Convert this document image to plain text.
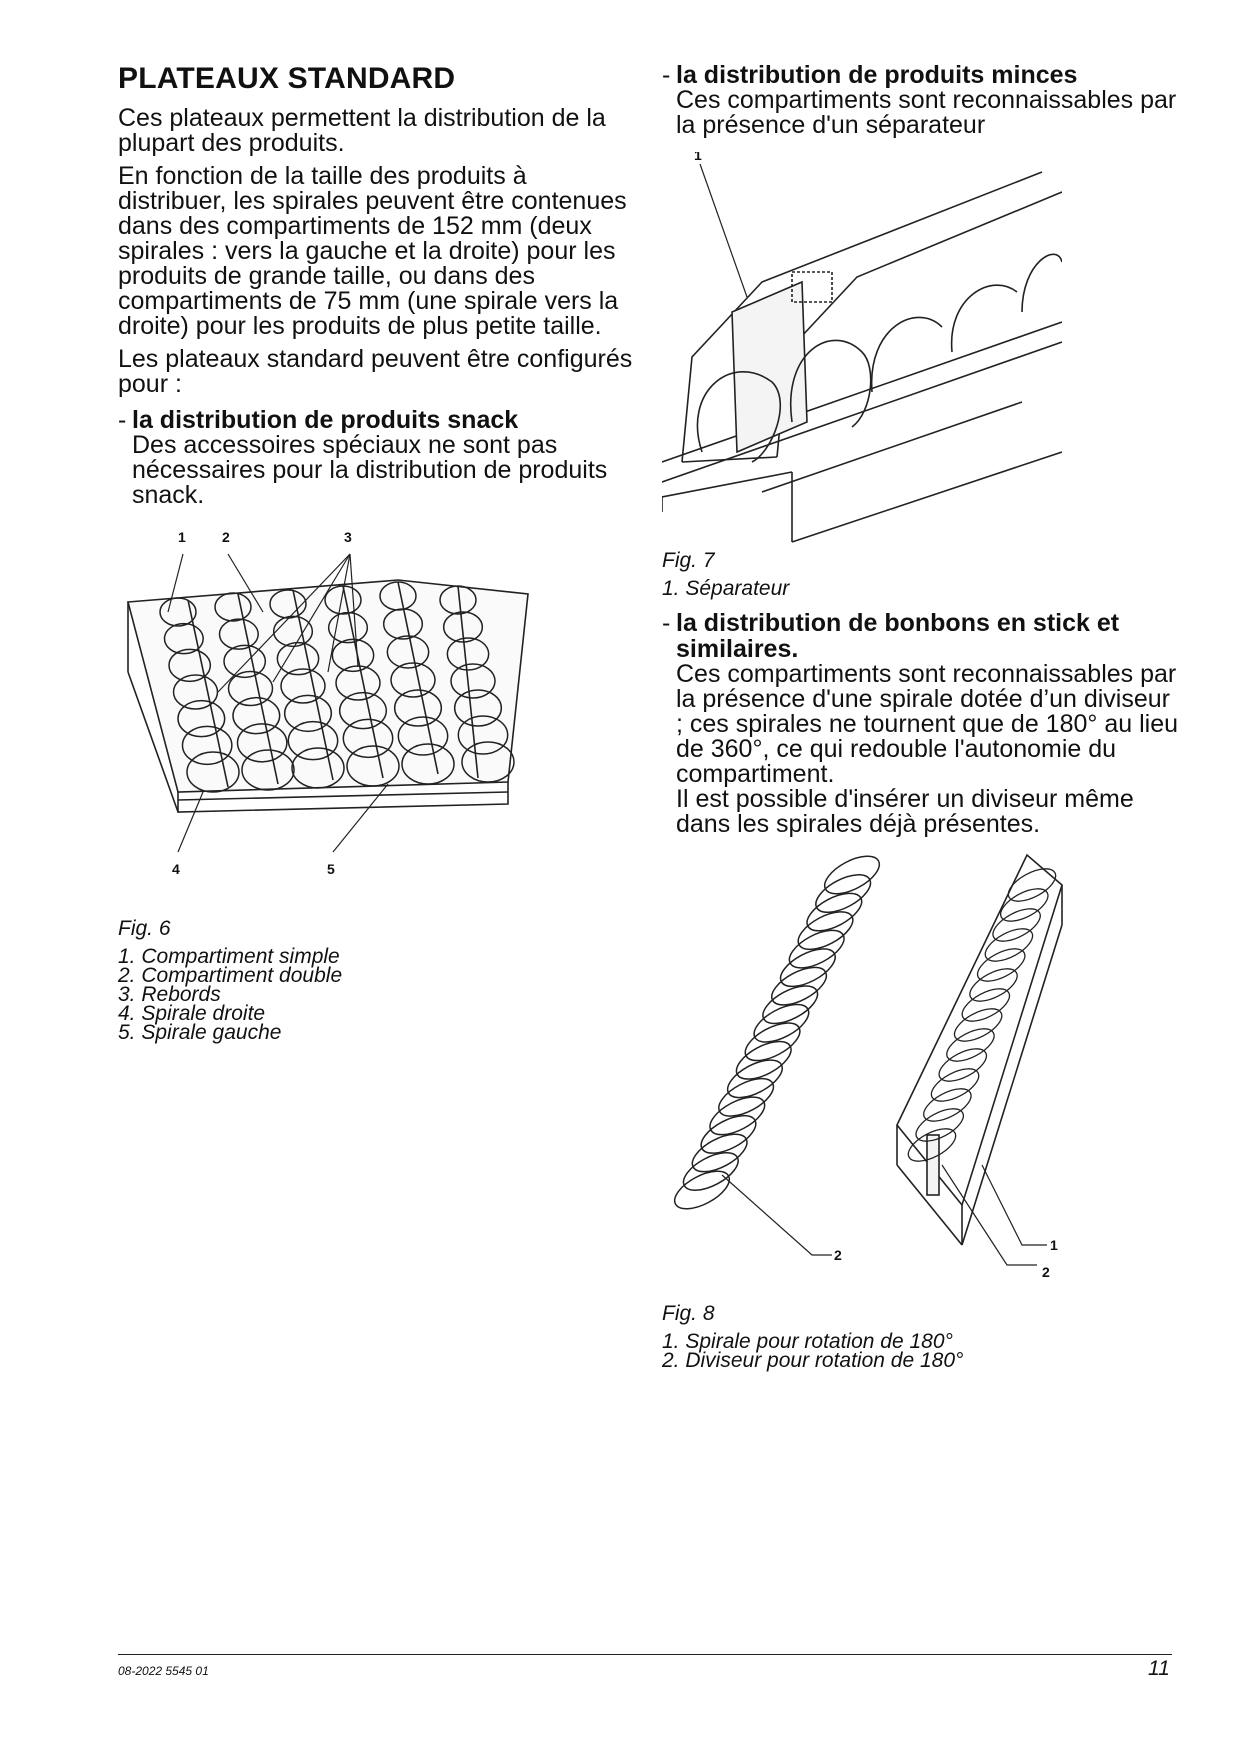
PLATEAUX STANDARD

Ces plateaux permettent la distribution de la plupart des produits.

En fonction de la taille des produits à distribuer, les spirales peuvent être contenues dans des compartiments de 152 mm (deux spirales : vers la gauche et la droite) pour les produits de grande taille, ou dans des compartiments de 75 mm (une spirale vers la droite) pour les produits de plus petite taille.

Les plateaux standard peuvent être configurés pour :

- la distribution de produits snack

Des accessoires spéciaux ne sont pas nécessaires pour la distribution de produits snack.

1	2	3
4	5

Fig. 6

1. Compartiment simple
2. Compartiment double
3. Rebords
4. Spirale droite
5. Spirale gauche
- la distribution de produits minces

Ces compartiments sont reconnaissables par la présence d'un séparateur

1

Fig. 7

1. Séparateur
- la distribution de bonbons en stick et similaires.

Ces compartiments sont reconnaissables par la présence d'une spirale dotée d’un diviseur ; ces spirales ne tournent que de 180° au lieu de 360°, ce qui redouble l'autonomie du compartiment.

Il est possible d'insérer un diviseur même dans les spirales déjà présentes.

2
1
2

Fig. 8

1. Spirale pour rotation de 180°
2. Diviseur pour rotation de 180°
08-2022 5545 01	11
